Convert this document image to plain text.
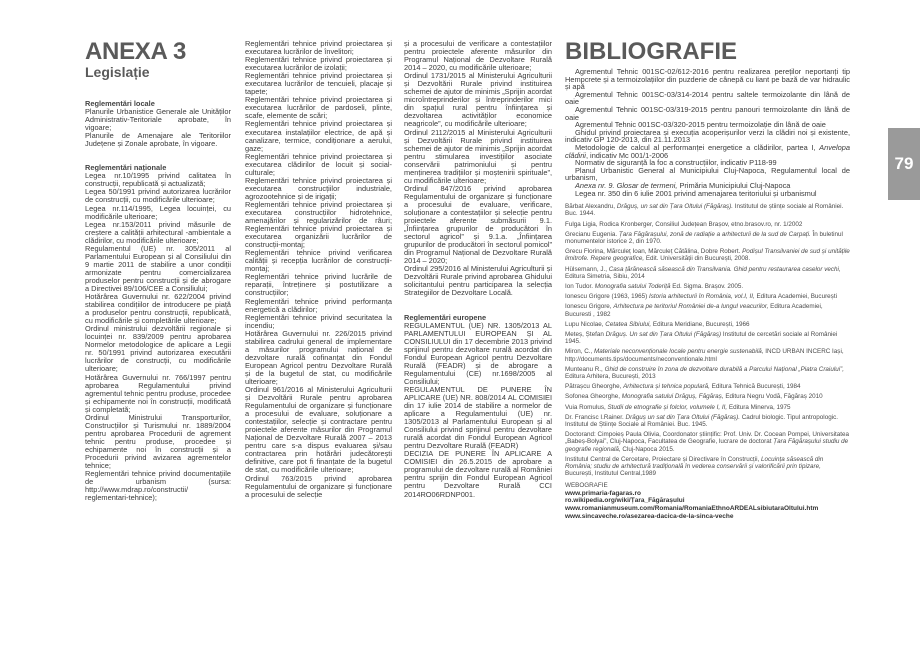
ANEXA 3
Legislație

Reglementări locale

Planurile Urbanistice Generale ale Unităților Administrativ-Teritoriale aprobate, în vigoare;

Planurile de Amenajare ale Teritoriilor Județene și Zonale aprobate, în vigoare.

Reglementări naționale

Legea nr.10/1995 privind calitatea în construcții, republicată și actualizată;

Legea 50/1991 privind autorizarea lucrărilor de construcții, cu modificările ulterioare;

Legea nr.114/1995, Legea locuinței, cu modificările ulterioare;

Legea nr.153/2011 privind măsurile de creștere a calității arhitectural -ambientale a clădirilor, cu modificările ulterioare;

Regulamentul (UE) nr. 305/2011 al Parlamentului European și al Consiliului din 9 martie 2011 de stabilire a unor condiții armonizate pentru comercializarea produselor pentru construcții și de abrogare a Directivei 89/106/CEE a Consiliului;

Hotărârea Guvernului nr. 622/2004 privind stabilirea condițiilor de introducere pe piață a produselor pentru construcții, republicată, cu modificările și completările ulterioare;

Ordinul ministrului dezvoltării regionale și locuinței nr. 839/2009 pentru aprobarea Normelor metodologice de aplicare a Legii nr. 50/1991 privind autorizarea executării lucrărilor de construcții, cu modificările ulterioare;

Hotărârea Guvernului nr. 766/1997 pentru aprobarea Regulamentului privind agrementul tehnic pentru produse, procedee și echipamente noi în construcții, modificată și completată;

Ordinul Ministrului Transporturilor, Construcțiilor și Turismului nr. 1889/2004 pentru aprobarea Procedurii de agrement tehnic pentru produse, procedee și echipamente noi în construcții și a Procedurii privind avizarea agrementelor tehnice;

Reglementări tehnice privind documentațiile de urbanism (sursa: http://www.mdrap.ro/constructii/ reglementari-tehnice);

Reglementări tehnice privind proiectarea și executarea lucrărilor de învelitori;

Reglementări tehnice privind proiectarea și executarea lucrărilor de izolații;

Reglementări tehnice privind proiectarea și executarea lucrărilor de tencuieli, placaje și tapete;

Reglementări tehnice privind proiectarea și executarea lucrărilor de pardoseli, plinte, scafe, elemente de scări;

Reglementări tehnice privind proiectarea și executarea instalațiilor electrice, de apă și canalizare, termice, condiționare a aerului, gaze;

Reglementări tehnice privind proiectarea și executarea clădirilor de locuit și social-culturale;

Reglementări tehnice privind proiectarea și executarea construcțiilor industriale, agrozootehnice și de irigații;

Reglementări tehnice privind proiectarea și executarea construcțiilor hidrotehnice, amenajărilor și regularizărilor de râuri; Reglementări tehnice privind proiectarea și executarea organizării lucrărilor de construcții-montaj;

Reglementări tehnice privind verificarea calității și recepția lucrărilor de construcții-montaj;

Reglementări tehnice privind lucrările de reparații, întreținere și postutilizare a construcțiilor;

Reglementări tehnice privind performanța energetică a clădirilor;

Reglementări tehnice privind securitatea la incendiu;

Hotărârea Guvernului nr. 226/2015 privind stabilirea cadrului general de implementare a măsurilor programului național de dezvoltare rurală cofinanțat din Fondul European Agricol pentru Dezvoltare Rurală și de la bugetul de stat, cu modificările ulterioare;

Ordinul 961/2016 al Ministerului Agriculturii și Dezvoltării Rurale pentru aprobarea Regulamentului de organizare și funcționare a procesului de evaluare, soluționare a contestațiilor, selecție și contractare pentru proiectele aferente măsurilor din Programul Național de Dezvoltare Rurală 2007 – 2013 pentru care s-a dispus evaluarea și/sau contractarea prin hotărâri judecătorești definitive, care pot fi finanțate de la bugetul de stat, cu modificările ulterioare;

Ordinul 763/2015 privind aprobarea Regulamentului de organizare și funcționare a procesului de selecție

și a procesului de verificare a contestațiilor pentru proiectele aferente măsurilor din Programul Național de Dezvoltare Rurală 2014 – 2020, cu modificările ulterioare;

Ordinul 1731/2015 al Ministerului Agriculturii și Dezvoltării Rurale privind instituirea schemei de ajutor de minimis „Sprijin acordat microîntreprinderilor și întreprinderilor mici din spațiul rural pentru înființarea și dezvoltarea activităților economice neagricole”, cu modificările ulterioare;

Ordinul 2112/2015 al Ministerului Agriculturii și Dezvoltării Rurale privind instituirea schemei de ajutor de minimis „Sprijin acordat pentru stimularea investițiilor asociate conservării patrimoniului și pentru menținerea tradițiilor și moștenirii spirituale”, cu modificările ulterioare;

Ordinul 847/2016 privind aprobarea Regulamentului de organizare și funcționare a procesului de evaluare, verificare, soluționare a contestațiilor și selecție pentru proiectele aferente submăsurii 9.1. „Înființarea grupurilor de producători în sectorul agricol” și 9.1.a. „Înființarea grupurilor de producători în sectorul pomicol” din Programul Național de Dezvoltare Rurală 2014 – 2020;

Ordinul 295/2016 al Ministerului Agriculturii și Dezvoltării Rurale privind aprobarea Ghidului solicitantului pentru participarea la selecția Strategiilor de Dezvoltare Locală.

Reglementări europene

REGULAMENTUL (UE) NR. 1305/2013 AL PARLAMENTULUI EUROPEAN ȘI AL CONSILIULUI din 17 decembrie 2013 privind sprijinul pentru dezvoltare rurală acordat din Fondul European Agricol pentru Dezvoltare Rurală (FEADR) și de abrogare a Regulamentului (CE) nr.1698/2005 al Consiliului;

REGULAMENTUL DE PUNERE ÎN APLICARE (UE) NR. 808/2014 AL COMISIEI din 17 iulie 2014 de stabilire a normelor de aplicare a Regulamentului (UE) nr. 1305/2013 al Parlamentului European și al Consiliului privind sprijinul pentru dezvoltare rurală acordat din Fondul European Agricol pentru Dezvoltare Rurală (FEADR)

DECIZIA DE PUNERE ÎN APLICARE A COMISIEI din 26.5.2015 de aprobare a programului de dezvoltare rurală al României pentru sprijin din Fondul European Agricol pentru Dezvoltare Rurală CCI 2014RO06RDNP001.

BIBLIOGRAFIE

Agrementul Tehnic 001SC-02/612-2016 pentru realizarea pereților neportanți tip Hempcrete și a termoizolațiilor din puzderie de cânepă cu liant pe bază de var hidraulic și apă

Agrementul Tehnic 001SC-03/314-2014 pentru saltele termoizolante din lână de oaie

Agrementul Tehnic 001SC-03/319-2015 pentru panouri termoizolante din lână de oaie

Agrementul Tehnic 001SC-03/320-2015 pentru termoizolație din lână de oaie

Ghidul privind proiectarea și execuția acoperișurilor verzi la clădiri noi și existente, indicativ GP 120-2013, din 21.11.2013

Metodologie de calcul al performanței energetice a clădirilor, partea I, Anvelopa clădirii, indicativ Mc 001/1-2006

Normativ de siguranță la foc a construcțiilor, indicativ P118-99

Planul Urbanistic General al Municipiului Cluj-Napoca, Regulamentul local de urbanism,

Anexa nr. 9. Glosar de termeni, Primăria Municipiului Cluj-Napoca

Legea nr. 350 din 6 iulie 2001 privind amenajarea teritoriului și urbanismul

Bărbat Alexandru, Drăguș, un sat din Țara Oltului (Făgăraș). Institutul de științe sociale al României. Buc. 1944.

Fulga Ligia, Rodica Kronberger, Consiliul Județean Brașov, etno.brasov.ro, nr. 1/2002

Grecianu Eugenia. Țara Făgărașului, zonă de radiație a arhitecturii de la sud de Carpați. În buletinul monumentelor istorice 2, din 1970.

Grecu Florina, Mărculeț Ioan, Mărculeț Cătălina, Dobre Robert. Podișul Transilvaniei de sud și unitățile limitrofe. Repere geografice, Edit. Universității din București, 2008.

Hülsemann, J., Casa țărănească săsească din Transilvania. Ghid pentru restaurarea caselor vechi, Editura Simetria, Sibiu, 2014

Ion Tudor. Monografia satului Toderiță Ed. Sigma. Brașov. 2005.

Ionescu Grigore (1963, 1965) Istoria arhitecturii în România, vol.I, II, Editura Academiei, București

Ionescu Grigore, Arhitectura pe teritoriul României de-a lungul veacurilor, Editura Academiei, Bucuresti , 1982

Lupu Nicolae, Cetatea Sibiului, Editura Meridiane, București, 1966

Meteș, Ștefan Drăguș. Un sat din Țara Oltului (Făgăraș) Institutul de cercetări sociale al României 1945.

Miron, C., Materiale neconvenționale locale pentru energie sustenabilă, INCD URBAN INCERC Iași, http://documents.tips/documents/neconventionale.html

Munteanu R., Ghid de construire în zona de dezvoltare durabilă a Parcului Național „Piatra Craiului”, Editura Arhitera, București, 2013

Pătrașcu Gheorghe, Arhitectura și tehnica populară, Editura Tehnică București, 1984

Sofonea Gheorghe, Monografia satului Drăguș, Făgăraș, Editura Negru Vodă, Făgăraș 2010

Vuia Romulus, Studii de etnografie și folclor, volumele I, II, Editura Minerva, 1975

Dr. Francisc I.Rainer. Drăguș un sat din Țara Oltului (Făgăraș). Cadrul biologic. Tipul antropologic. Institutul de Științe Sociale al României. Buc. 1945.

Doctorand: Cimpoieș Paula Olivia, Coordonator științific: Prof. Univ. Dr. Cocean Pompei, Universitatea „Babeș-Bolyai”, Cluj-Napoca, Facultatea de Geografie, lucrare de doctorat Țara Făgărașului studiu de geografie regională, Cluj-Napoca 2015.

Institutul Central de Cercetare, Proiectare și Directivare în Construcții, Locuința săsească din România; studiu de arhitectură tradițională în vederea conservării și valorificării prin tipizare, București, Institutul Central,1989

WEBOGRAFIE

www.primaria-fagaras.ro

ro.wikipedia.org/wiki/Țara_Făgărașului

www.romanianmuseum.com/Romania/RomaniaEthnoARDEALsibiutaraOltului.htm

www.sincaveche.ro/asezarea-dacica-de-la-sinca-veche

79
